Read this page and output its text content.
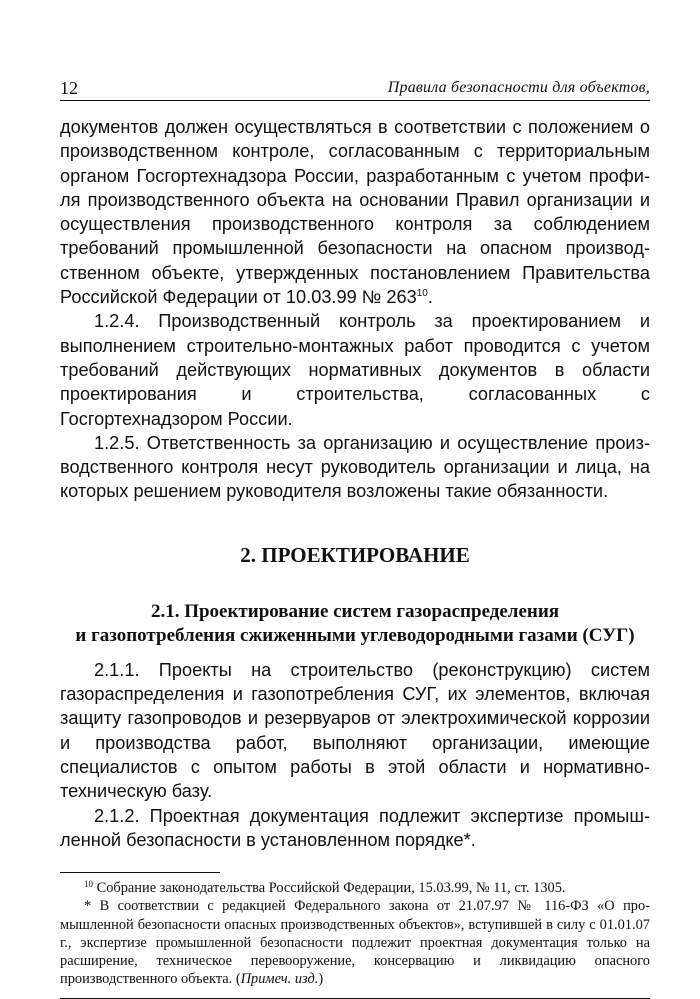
12	Правила безопасности для объектов,

документов должен осуществляться в соответствии с положением о производственном контроле, согласованным с территориальным органом Госгортехнадзора России, разработанным с учетом профиля производственного объекта на основании Правил организации и осуществления производственного контроля за соблюдением требований промышленной безопасности на опасном производственном объекте, утвержденных постановлением Правительства Российской Федерации от 10.03.99 № $263^{10}$.

1.2.4. Производственный контроль за проектированием и выполнением строительно-монтажных работ проводится с учетом требований действующих нормативных документов в области проектирования и строительства, согласованных с Госгортехнадзором России.

1.2.5. Ответственность за организацию и осуществление производственного контроля несут руководитель организации и лица, на которых решением руководителя возложены такие обязанности.

2. ПРОЕКТИРОВАНИЕ
2.1. Проектирование систем газораспределения
и газопотребления сжиженными углеводородными газами (СУГ)

2.1.1. Проекты на строительство (реконструкцию) систем газораспределения и газопотребления СУГ, их элементов, включая защиту газопроводов и резервуаров от электрохимической коррозии и производства работ, выполняют организации, имеющие специалистов с опытом работы в этой области и нормативно-техническую базу.

2.1.2. Проектная документация подлежит экспертизе промышленной безопасности в установленном порядке*.

$^{10}$ Собрание законодательства Российской Федерации, 15.03.99, № 11, ст. 1305.

* В соответствии с редакцией Федерального закона от 21.07.97 № 116-ФЗ «О промышленной безопасности опасных производственных объектов», вступившей в силу с 01.01.07 г., экспертизе промышленной безопасности подлежит проектная документация только на расширение, техническое перевооружение, консервацию и ликвидацию опасного производственного объекта. (Примеч. изд.)
